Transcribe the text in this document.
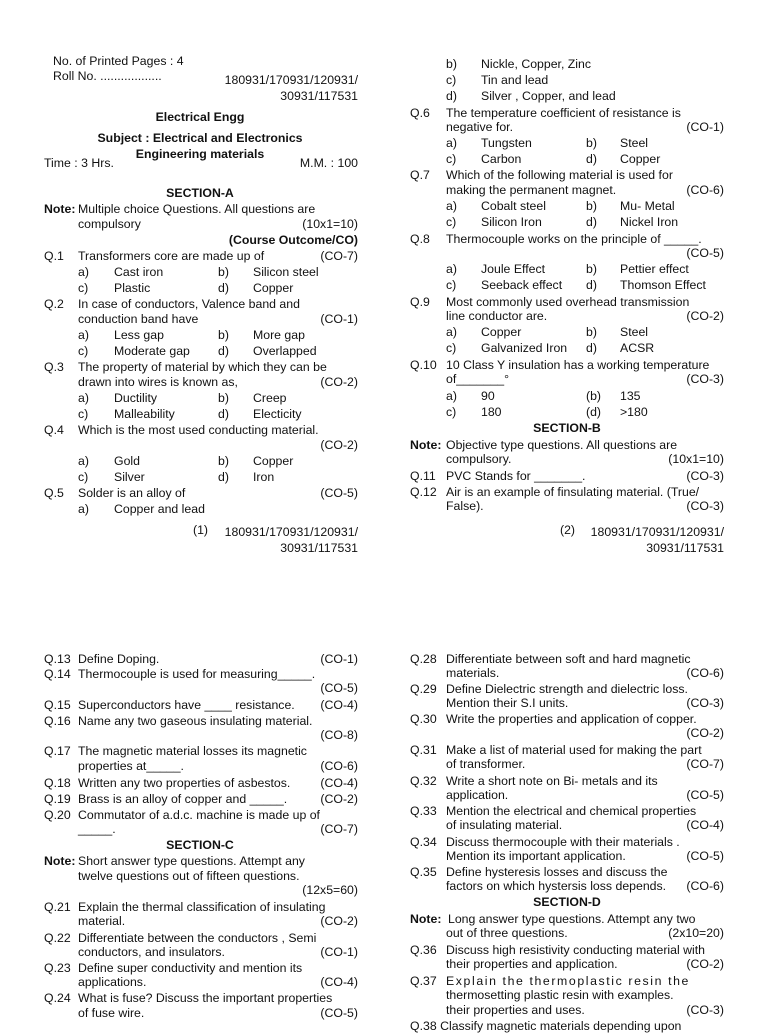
No. of Printed Pages : 4
Roll No. ..................	180931/170931/120931/
30931/117531
Electrical Engg
Subject : Electrical and Electronics
Engineering materials
Time : 3 Hrs.	M.M. : 100
SECTION-A
Note: Multiple choice Questions. All questions are
compulsory	(10x1=10)
(Course Outcome/CO)
Q.1 Transformers core are made up of	(CO-7)
a) Cast iron	b) Silicon steel
c) Plastic	d) Copper
Q.2 In case of conductors, Valence band and
conduction band have	(CO-1)
a) Less gap	b) More gap
c) Moderate gap d) Overlapped
Q.3 The property of material by which they can be
drawn into wires is known as,	(CO-2)
a) Ductility	b) Creep
c) Malleability	d) Electicity
Q.4 Which is the most used conducting material.
(CO-2)
a) Gold	b) Copper
c) Silver	d) Iron
Q.5 Solder is an alloy of	(CO-5)
a) Copper and lead
(1)	180931/170931/120931/
30931/117531
b) Nickle, Copper, Zinc
c) Tin and lead
d) Silver , Copper, and lead
Q.6 The temperature coefficient of resistance is
negative for.	(CO-1)
a) Tungsten	b) Steel
c) Carbon	d) Copper
Q.7 Which of the following material is used for
making the permanent magnet.	(CO-6)
a) Cobalt steel	b) Mu- Metal
c) Silicon Iron	d) Nickel Iron
Q.8 Thermocouple works on the principle of _____.
(CO-5)
a) Joule Effect	b) Pettier effect
c) Seeback effect d) Thomson Effect
Q.9 Most commonly used overhead transmission
line conductor are.	(CO-2)
a) Copper	b) Steel
c) Galvanized Iron d) ACSR
Q.10 10 Class Y insulation has a working temperature
of_______°	(CO-3)
a) 90	(b) 135
c) 180	(d) >180
SECTION-B
Note: Objective type questions. All questions are
compulsory.	(10x1=10)
Q.11 PVC Stands for _______.	(CO-3)
Q.12 Air is an example of finsulating material. (True/
False).	(CO-3)
(2)	180931/170931/120931/
30931/117531
Q.13 Define Doping.	(CO-1)
Q.14 Thermocouple is used for measuring_____.
(CO-5)
Q.15 Superconductors have ____ resistance.	(CO-4)
Q.16 Name any two gaseous insulating material.
(CO-8)
Q.17 The magnetic material losses its magnetic
properties at_____.	(CO-6)
Q.18 Written any two properties of asbestos.	(CO-4)
Q.19 Brass is an alloy of copper and _____.	(CO-2)
Q.20 Commutator of a.d.c. machine is made up of
_____.	(CO-7)
SECTION-C
Note: Short answer type questions. Attempt any
twelve questions out of fifteen questions.
(12x5=60)
Q.21 Explain the thermal classification of insulating
material.	(CO-2)
Q.22 Differentiate between the conductors , Semi
conductors, and insulators.	(CO-1)
Q.23 Define super conductivity and mention its
applications.	(CO-4)
Q.24 What is fuse? Discuss the important properties
of fuse wire.	(CO-5)
Q.28 Differentiate between soft and hard magnetic
materials.	(CO-6)
Q.29 Define Dielectric strength and dielectric loss.
Mention their S.I units.	(CO-3)
Q.30 Write the properties and application of copper.
(CO-2)
Q.31 Make a list of material used for making the part
of transformer.	(CO-7)
Q.32 Write a short note on Bi- metals and its
application.	(CO-5)
Q.33 Mention the electrical and chemical properties
of insulating material.	(CO-4)
Q.34 Discuss thermocouple with their materials .
Mention its important application.	(CO-5)
Q.35 Define hysteresis losses and discuss the
factors on which hystersis loss depends.	(CO-6)
SECTION-D
Note: Long answer type questions. Attempt any two
out of three questions.	(2x10=20)
Q.36 Discuss high resistivity conducting material with
their properties and application.	(CO-2)
Q.37 Explain the thermoplastic resin the
thermosetting plastic resin with examples.
their properties and uses.	(CO-3)
Q.38 Classify magnetic materials depending upon
